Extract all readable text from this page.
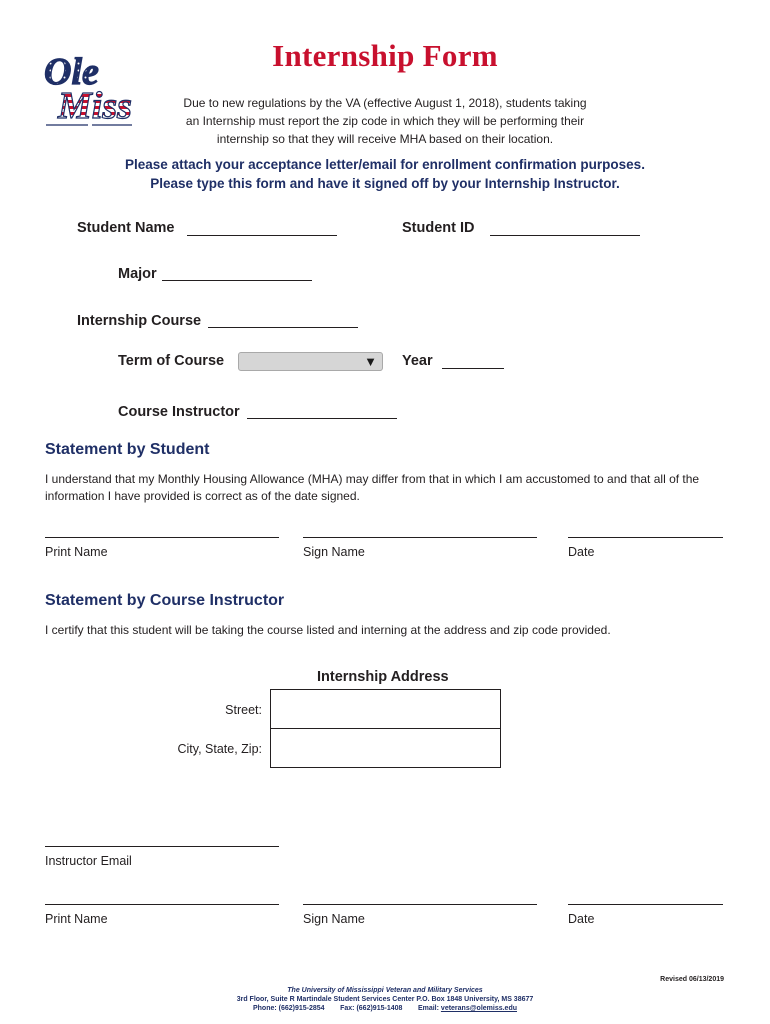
Ole
Miss
Internship Form
Due to new regulations by the VA (effective August 1, 2018), students taking
an Internship must report the zip code in which they will be performing their
internship so that they will receive MHA based on their location.
Please attach your acceptance letter/email for enrollment confirmation purposes.
Please type this form and have it signed off by your Internship Instructor.
Student Name	Student ID
Major
Internship Course
Term of Course	▼ Year
Course Instructor
Statement by Student
I understand that my Monthly Housing Allowance (MHA) may differ from that in which I am accustomed to and that all of the information I have provided is correct as of the date signed.
Print Name	Sign Name	Date
Statement by Course Instructor
I certify that this student will be taking the course listed and interning at the address and zip code provided.
Internship Address
Street:
City, State, Zip:
Instructor Email
Print Name	Sign Name	Date
Revised 06/13/2019
The University of Mississippi Veteran and Military Services
3rd Floor, Suite R Martindale Student Services Center P.O. Box 1848 University, MS 38677
Phone: (662)915-2854 Fax: (662)915-1408 Email: veterans@olemiss.edu
